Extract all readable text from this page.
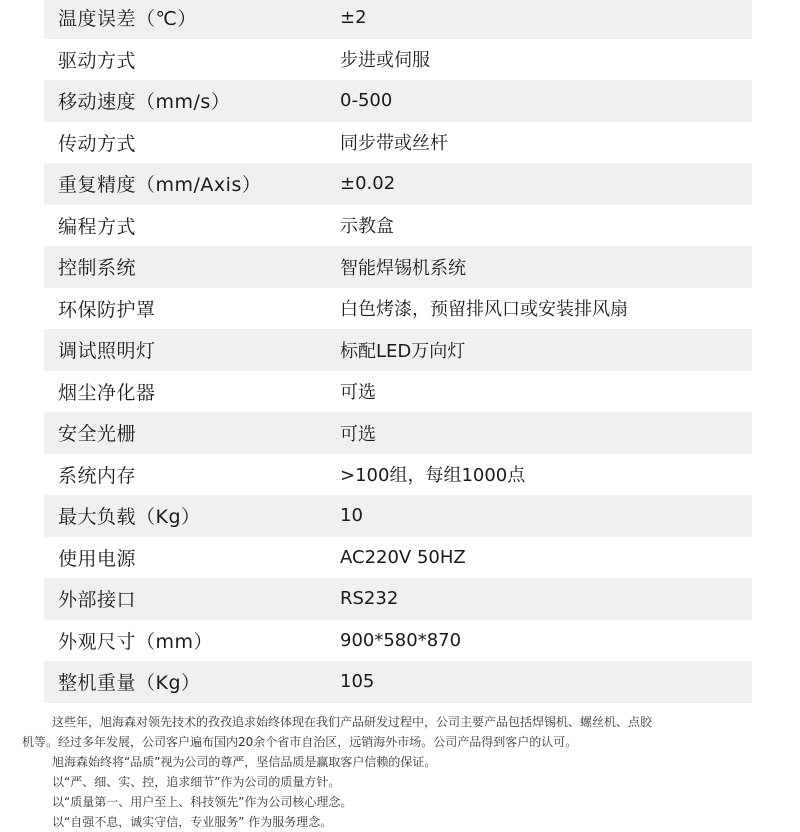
温度误差（℃）	±2
驱动方式	步进或伺服
移动速度（mm/s）	0-500
传动方式	同步带或丝杆
重复精度（mm/Axis）	±0.02
编程方式	示教盒
控制系统	智能焊锡机系统
环保防护罩	白色烤漆，预留排风口或安装排风扇
调试照明灯	标配LED万向灯
烟尘净化器	可选
安全光栅	可选
系统内存	>100组，每组1000点
最大负载（Kg）	10
使用电源	AC220V 50HZ
外部接口	RS232
外观尺寸（mm）	900*580*870
整机重量（Kg）	105

这些年，旭海森对领先技术的孜孜追求始终体现在我们产品研发过程中，公司主要产品包括焊锡机、螺丝机、点胶

机等。经过多年发展，公司客户遍布国内20余个省市自治区，远销海外市场。公司产品得到客户的认可。

旭海森始终将“品质”视为公司的尊严，坚信品质是赢取客户信赖的保证。

以“严、细、实、控，追求细节”作为公司的质量方针。

以“质量第一、用户至上、科技领先”作为公司核心理念。

以“自强不息，诚实守信，专业服务” 作为服务理念。
